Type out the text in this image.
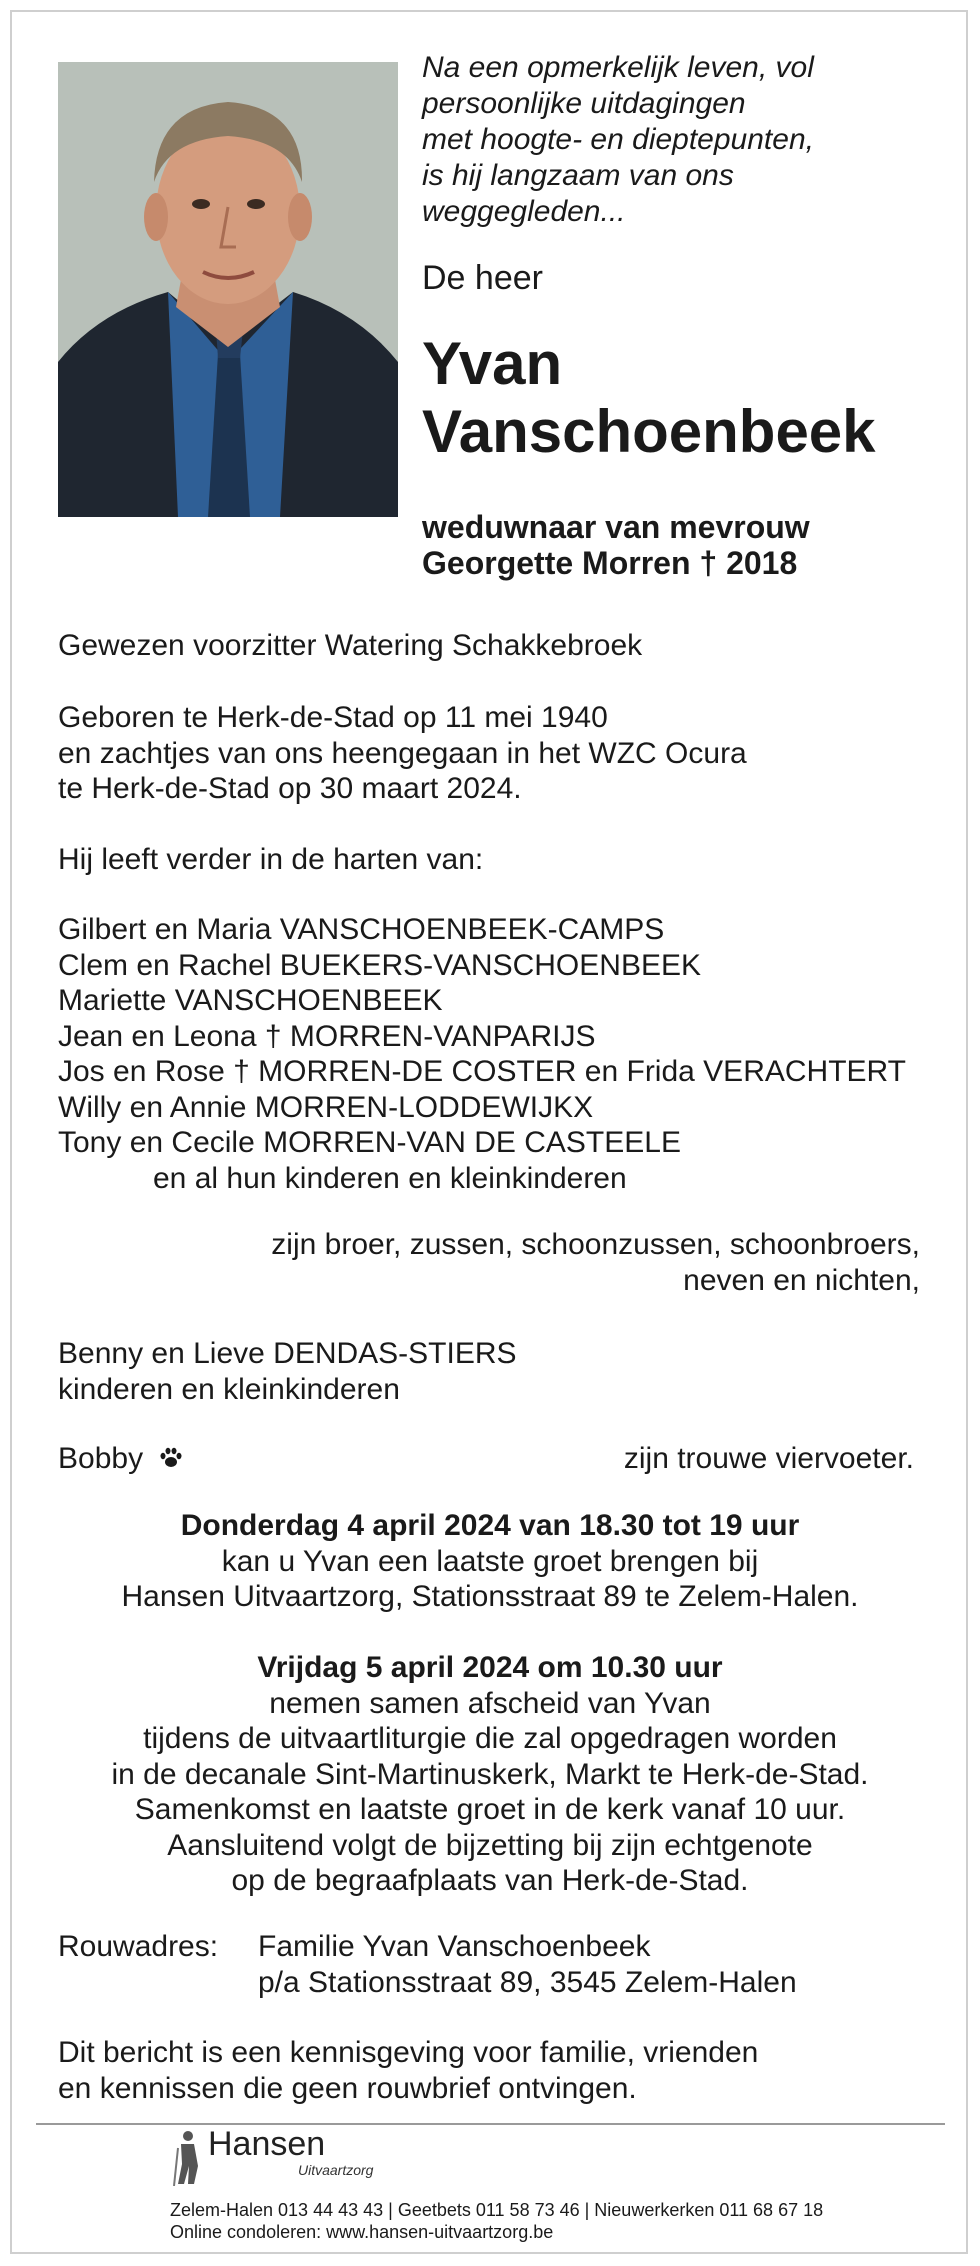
Na een opmerkelijk leven, vol
persoonlijke uitdagingen
met hoogte- en dieptepunten,
is hij langzaam van ons
weggegleden...
De heer
Yvan
Vanschoenbeek
weduwnaar van mevrouw
Georgette Morren † 2018
Gewezen voorzitter Watering Schakkebroek
Geboren te Herk-de-Stad op 11 mei 1940
en zachtjes van ons heengegaan in het WZC Ocura
te Herk-de-Stad op 30 maart 2024.
Hij leeft verder in de harten van:
Gilbert en Maria VANSCHOENBEEK-CAMPS
Clem en Rachel BUEKERS-VANSCHOENBEEK
Mariette VANSCHOENBEEK
Jean en Leona † MORREN-VANPARIJS
Jos en Rose † MORREN-DE COSTER en Frida VERACHTERT
Willy en Annie MORREN-LODDEWIJKX
Tony en Cecile MORREN-VAN DE CASTEELE
en al hun kinderen en kleinkinderen
zijn broer, zussen, schoonzussen, schoonbroers,
neven en nichten,
Benny en Lieve DENDAS-STIERS
kinderen en kleinkinderen
Bobby	zijn trouwe viervoeter.
Donderdag 4 april 2024 van 18.30 tot 19 uur
kan u Yvan een laatste groet brengen bij
Hansen Uitvaartzorg, Stationsstraat 89 te Zelem-Halen.
Vrijdag 5 april 2024 om 10.30 uur
nemen samen afscheid van Yvan
tijdens de uitvaartliturgie die zal opgedragen worden
in de decanale Sint-Martinuskerk, Markt te Herk-de-Stad.
Samenkomst en laatste groet in de kerk vanaf 10 uur.
Aansluitend volgt de bijzetting bij zijn echtgenote
op de begraafplaats van Herk-de-Stad.
Rouwadres: Familie Yvan Vanschoenbeek
p/a Stationsstraat 89, 3545 Zelem-Halen
Dit bericht is een kennisgeving voor familie, vrienden
en kennissen die geen rouwbrief ontvingen.
Hansen
Uitvaartzorg
Zelem-Halen 013 44 43 43 | Geetbets 011 58 73 46 | Nieuwerkerken 011 68 67 18
Online condoleren: www.hansen-uitvaartzorg.be
